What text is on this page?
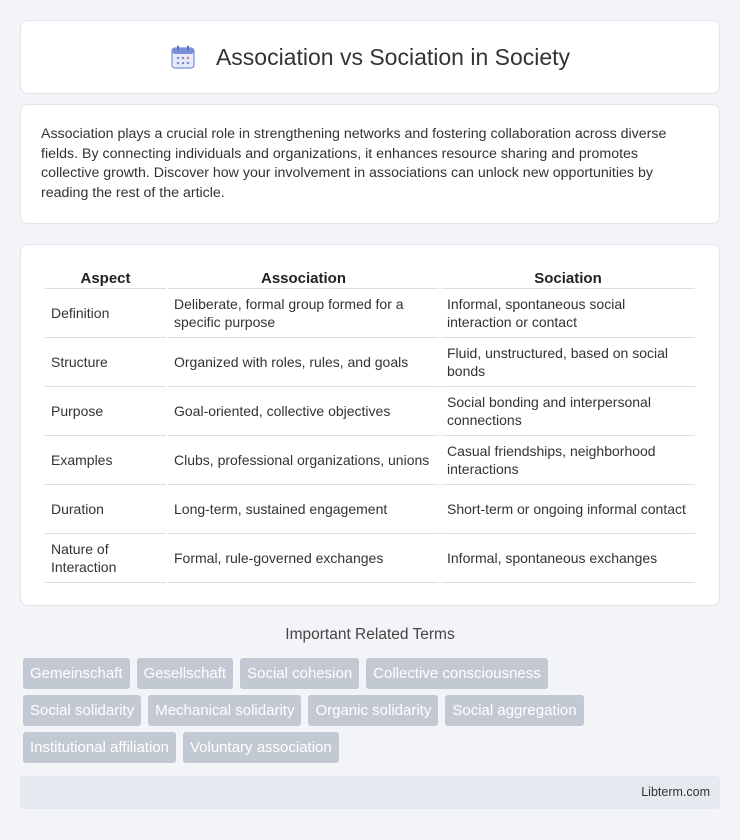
Association vs Sociation in Society

Association plays a crucial role in strengthening networks and fostering collaboration across diverse fields. By connecting individuals and organizations, it enhances resource sharing and promotes collective growth. Discover how your involvement in associations can unlock new opportunities by reading the rest of the article.

Aspect	Association	Sociation
Definition	Deliberate, formal group formed for a specific purpose	Informal, spontaneous social interaction or contact
Structure	Organized with roles, rules, and goals	Fluid, unstructured, based on social bonds
Purpose	Goal-oriented, collective objectives	Social bonding and interpersonal connections
Examples	Clubs, professional organizations, unions	Casual friendships, neighborhood interactions
Duration	Long-term, sustained engagement	Short-term or ongoing informal contact
Nature of Interaction	Formal, rule-governed exchanges	Informal, spontaneous exchanges
Important Related Terms
Gemeinschaft	Gesellschaft	Social cohesion	Collective consciousness
Social solidarity	Mechanical solidarity	Organic solidarity	Social aggregation
Institutional affiliation	Voluntary association
Libterm.com
